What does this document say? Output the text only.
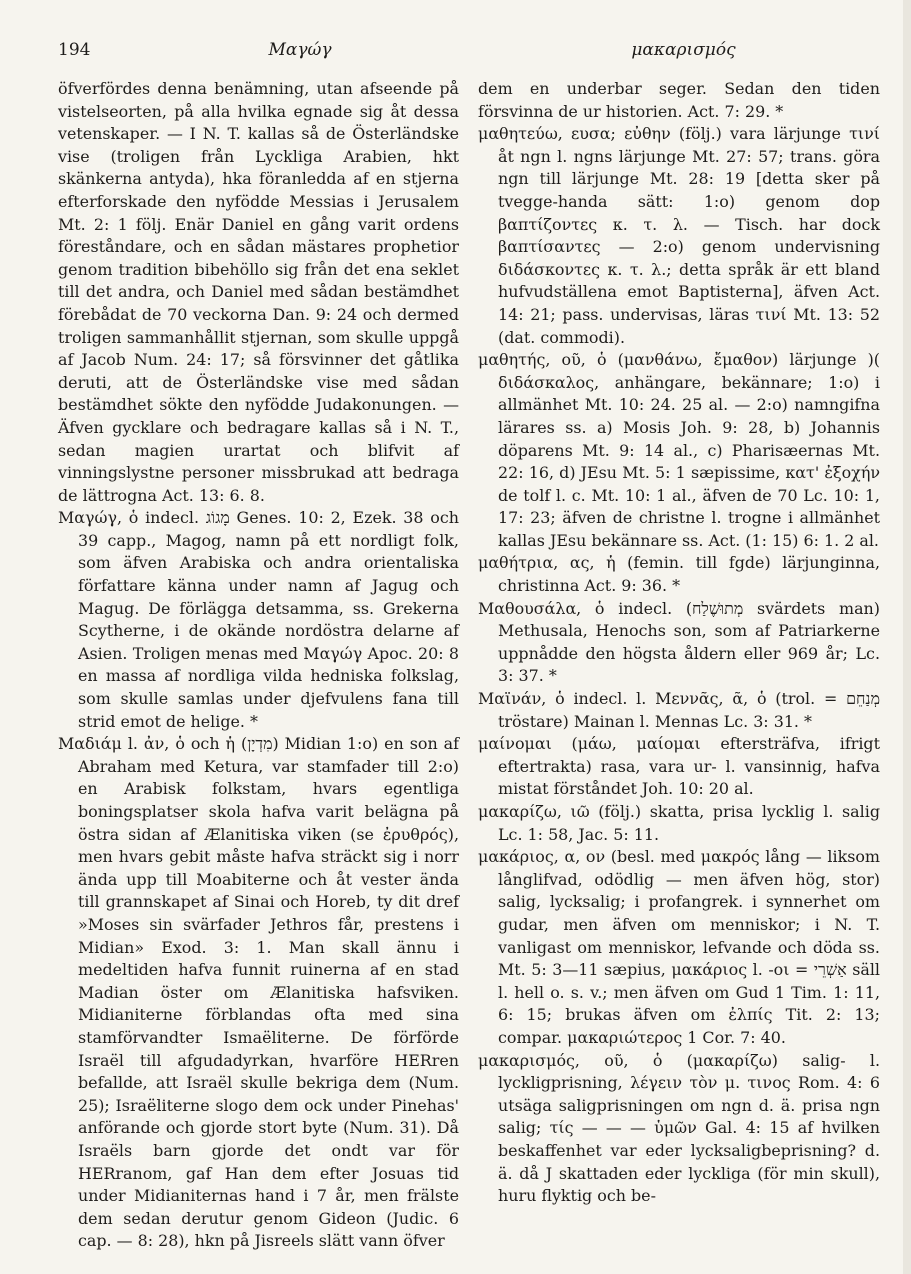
194	Μαγώγ	μακαρισμός

öfverfördes denna benämning, utan afseende på vistelseorten, på alla hvilka egnade sig åt dessa vetenskaper. — I N. T. kallas så de Österländske vise (troligen från Lyckliga Arabien, hkt skänkerna antyda), hka föranledda af en stjerna efterforskade den nyfödde Messias i Jerusalem Mt. 2: 1 följ. Enär Daniel en gång varit ordens föreståndare, och en sådan mästares prophetior genom tradition bibehöllo sig från det ena seklet till det andra, och Daniel med sådan bestämdhet förebådat de 70 veckorna Dan. 9: 24 och dermed troligen sammanhållit stjernan, som skulle uppgå af Jacob Num. 24: 17; så försvinner det gåtlika deruti, att de Österländske vise med sådan bestämdhet sökte den nyfödde Judakonungen. — Äfven gycklare och bedragare kallas så i N. T., sedan magien urartat och blifvit af vinningslystne personer missbrukad att bedraga de lättrogna Act. 13: 6. 8.

Μαγώγ, ὁ indecl. מָגוֹג Genes. 10: 2, Ezek. 38 och 39 capp., Magog, namn på ett nordligt folk, som äfven Arabiska och andra orientaliska författare känna under namn af Jagug och Magug. De förlägga detsamma, ss. Grekerna Scytherne, i de okände nordöstra delarne af Asien. Troligen menas med Μαγώγ Apoc. 20: 8 en massa af nordliga vilda hedniska folkslag, som skulle samlas under djefvulens fana till strid emot de helige. *

Μαδιάμ l. ἀν, ὁ och ἡ (מִדְיָן) Midian 1:o) en son af Abraham med Ketura, var stamfader till 2:o) en Arabisk folkstam, hvars egentliga boningsplatser skola hafva varit belägna på östra sidan af Ælanitiska viken (se ἐρυθρός), men hvars gebit måste hafva sträckt sig i norr ända upp till Moabiterne och åt vester ända till grannskapet af Sinai och Horeb, ty dit dref »Moses sin svärfader Jethros får, prestens i Midian» Exod. 3: 1. Man skall ännu i medeltiden hafva funnit ruinerna af en stad Madian öster om Ælanitiska hafsviken. Midianiterne förblandas ofta med sina stamförvandter Ismaëliterne. De förförde Israël till afgudadyrkan, hvarföre HERren befallde, att Israël skulle bekriga dem (Num. 25); Israëliterne slogo dem ock under Pinehas' anförande och gjorde stort byte (Num. 31). Då Israëls barn gjorde det ondt var för HERranom, gaf Han dem efter Josuas tid under Midianiternas hand i 7 år, men frälste dem sedan derutur genom Gideon (Judic. 6 cap. — 8: 28), hkn på Jisreels slätt vann öfver

dem en underbar seger. Sedan den tiden försvinna de ur historien. Act. 7: 29. *

μαθητεύω, ευσα; εὐθην (följ.) vara lärjunge τινί åt ngn l. ngns lärjunge Mt. 27: 57; trans. göra ngn till lärjunge Mt. 28: 19 [detta sker på tvegge-handa sätt: 1:o) genom dop βαπτίζοντες κ. τ. λ. — Tisch. har dock βαπτίσαντες — 2:o) genom undervisning διδάσκοντες κ. τ. λ.; detta språk är ett bland hufvudställena emot Baptisterna], äfven Act. 14: 21; pass. undervisas, läras τινί Mt. 13: 52 (dat. commodi).

μαθητής, οῦ, ὁ (μανθάνω, ἔμαθον) lärjunge )( διδάσκαλος, anhängare, bekännare; 1:o) i allmänhet Mt. 10: 24. 25 al. — 2:o) namngifna lärares ss. a) Mosis Joh. 9: 28, b) Johannis döparens Mt. 9: 14 al., c) Pharisæernas Mt. 22: 16, d) JEsu Mt. 5: 1 sæpissime, κατ' ἐξοχήν de tolf l. c. Mt. 10: 1 al., äfven de 70 Lc. 10: 1, 17: 23; äfven de christne l. trogne i allmänhet kallas JEsu bekännare ss. Act. (1: 15) 6: 1. 2 al.

μαθήτρια, ας, ἡ (femin. till fgde) lärjunginna, christinna Act. 9: 36. *

Μαθουσάλα, ὁ indecl. (מְתוּשֶׁלַח svärdets man) Methusala, Henochs son, som af Patriarkerne uppnådde den högsta åldern eller 969 år; Lc. 3: 37. *

Μαϊνάν, ὁ indecl. l. Μεννᾶς, ᾶ, ὁ (trol. = מְנַחֵם tröstare) Mainan l. Mennas Lc. 3: 31. *

μαίνομαι (μάω, μαίομαι eftersträfva, ifrigt eftertrakta) rasa, vara ur- l. vansinnig, hafva mistat förståndet Joh. 10: 20 al.

μακαρίζω, ιῶ (följ.) skatta, prisa lycklig l. salig Lc. 1: 58, Jac. 5: 11.

μακάριος, α, ον (besl. med μακρός lång — liksom långlifvad, odödlig — men äfven hög, stor) salig, lycksalig; i profangrek. i synnerhet om gudar, men äfven om menniskor; i N. T. vanligast om menniskor, lefvande och döda ss. Mt. 5: 3—11 sæpius, μακάριος l. -οι = אַשְׁרֵי säll l. hell o. s. v.; men äfven om Gud 1 Tim. 1: 11, 6: 15; brukas äfven om ἐλπίς Tit. 2: 13; compar. μακαριώτερος 1 Cor. 7: 40.

μακαρισμός, οῦ, ὁ (μακαρίζω) salig- l. lyckligprisning, λέγειν τὸν μ. τινος Rom. 4: 6 utsäga saligprisningen om ngn d. ä. prisa ngn salig; τίς — — — ὑμῶν Gal. 4: 15 af hvilken beskaffenhet var eder lycksaligbeprisning? d. ä. då J skattaden eder lyckliga (för min skull), huru flyktig och be-
